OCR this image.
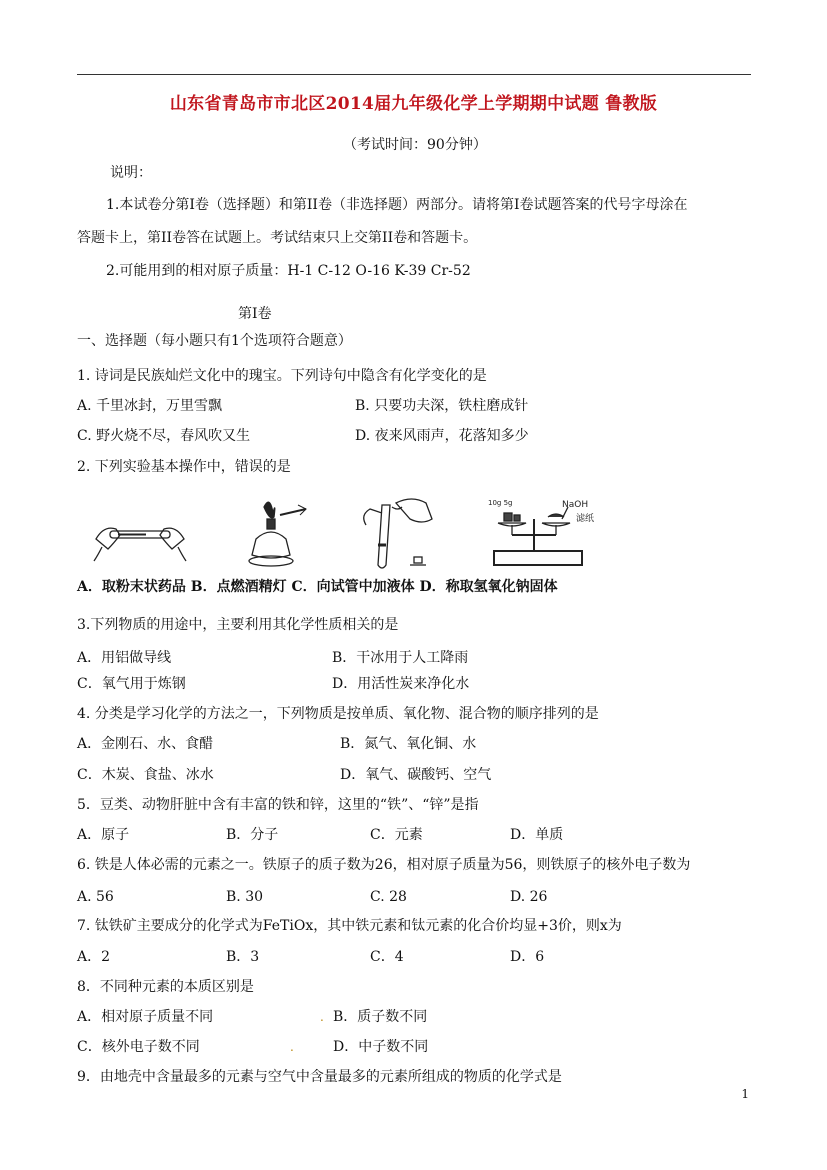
山东省青岛市市北区2014届九年级化学上学期期中试题 鲁教版
（考试时间：90分钟）
说明：
1.本试卷分第Ⅰ卷（选择题）和第II卷（非选择题）两部分。请将第Ⅰ卷试题答案的代号字母涂在
答题卡上，第II卷答在试题上。考试结束只上交第II卷和答题卡。
2.可能用到的相对原子质量：H-1 C-12 O-16 K-39 Cr-52
第Ⅰ卷
一、选择题（每小题只有1个选项符合题意）
1. 诗词是民族灿烂文化中的瑰宝。下列诗句中隐含有化学变化的是
A. 千里冰封，万里雪飘	B. 只要功夫深，铁柱磨成针
C. 野火烧不尽，春风吹又生	D. 夜来风雨声，花落知多少
2. 下列实验基本操作中，错误的是
10g 5g	NaOH
滤纸
A．取粉末状药品 B．点燃酒精灯 C．向试管中加液体 D．称取氢氧化钠固体
3.下列物质的用途中，主要利用其化学性质相关的是
A．用铝做导线	B．干冰用于人工降雨
C．氧气用于炼钢	D．用活性炭来净化水
4. 分类是学习化学的方法之一，下列物质是按单质、氧化物、混合物的顺序排列的是
A．金刚石、水、食醋	B．氮气、氧化铜、水
C．木炭、食盐、冰水	D．氧气、碳酸钙、空气
5．豆类、动物肝脏中含有丰富的铁和锌，这里的“铁”、“锌”是指
A．原子	B．分子	C．元素	D．单质
6. 铁是人体必需的元素之一。铁原子的质子数为26，相对原子质量为56，则铁原子的核外电子数为
A. 56	B. 30	C. 28	D. 26
7. 钛铁矿主要成分的化学式为FeTiOx，其中铁元素和钛元素的化合价均显+3价，则x为
A．2	B．3	C．4	D．6
8．不同种元素的本质区别是
A．相对原子质量不同	. B．质子数不同
C．核外电子数不同	.	D．中子数不同
9．由地壳中含量最多的元素与空气中含量最多的元素所组成的物质的化学式是
1
